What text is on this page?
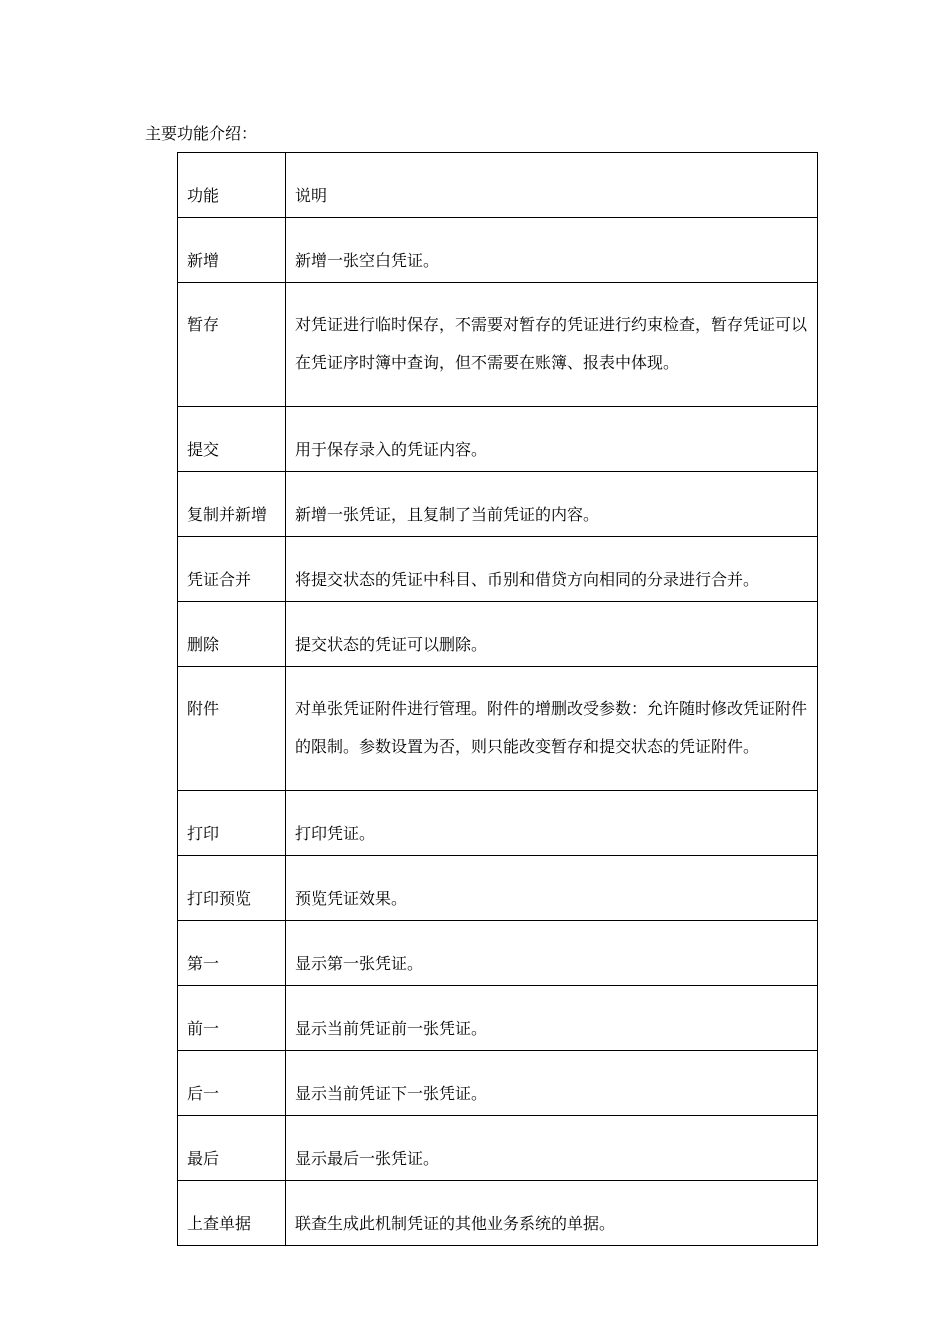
主要功能介绍：
功能	说明
新增	新增一张空白凭证。
暂存	对凭证进行临时保存，不需要对暂存的凭证进行约束检查，暂存凭证可以在凭证序时簿中查询，但不需要在账簿、报表中体现。
提交	用于保存录入的凭证内容。
复制并新增	新增一张凭证，且复制了当前凭证的内容。
凭证合并	将提交状态的凭证中科目、币别和借贷方向相同的分录进行合并。
删除	提交状态的凭证可以删除。
附件	对单张凭证附件进行管理。附件的增删改受参数：允许随时修改凭证附件的限制。参数设置为否，则只能改变暂存和提交状态的凭证附件。
打印	打印凭证。
打印预览	预览凭证效果。
第一	显示第一张凭证。
前一	显示当前凭证前一张凭证。
后一	显示当前凭证下一张凭证。
最后	显示最后一张凭证。
上查单据	联查生成此机制凭证的其他业务系统的单据。
